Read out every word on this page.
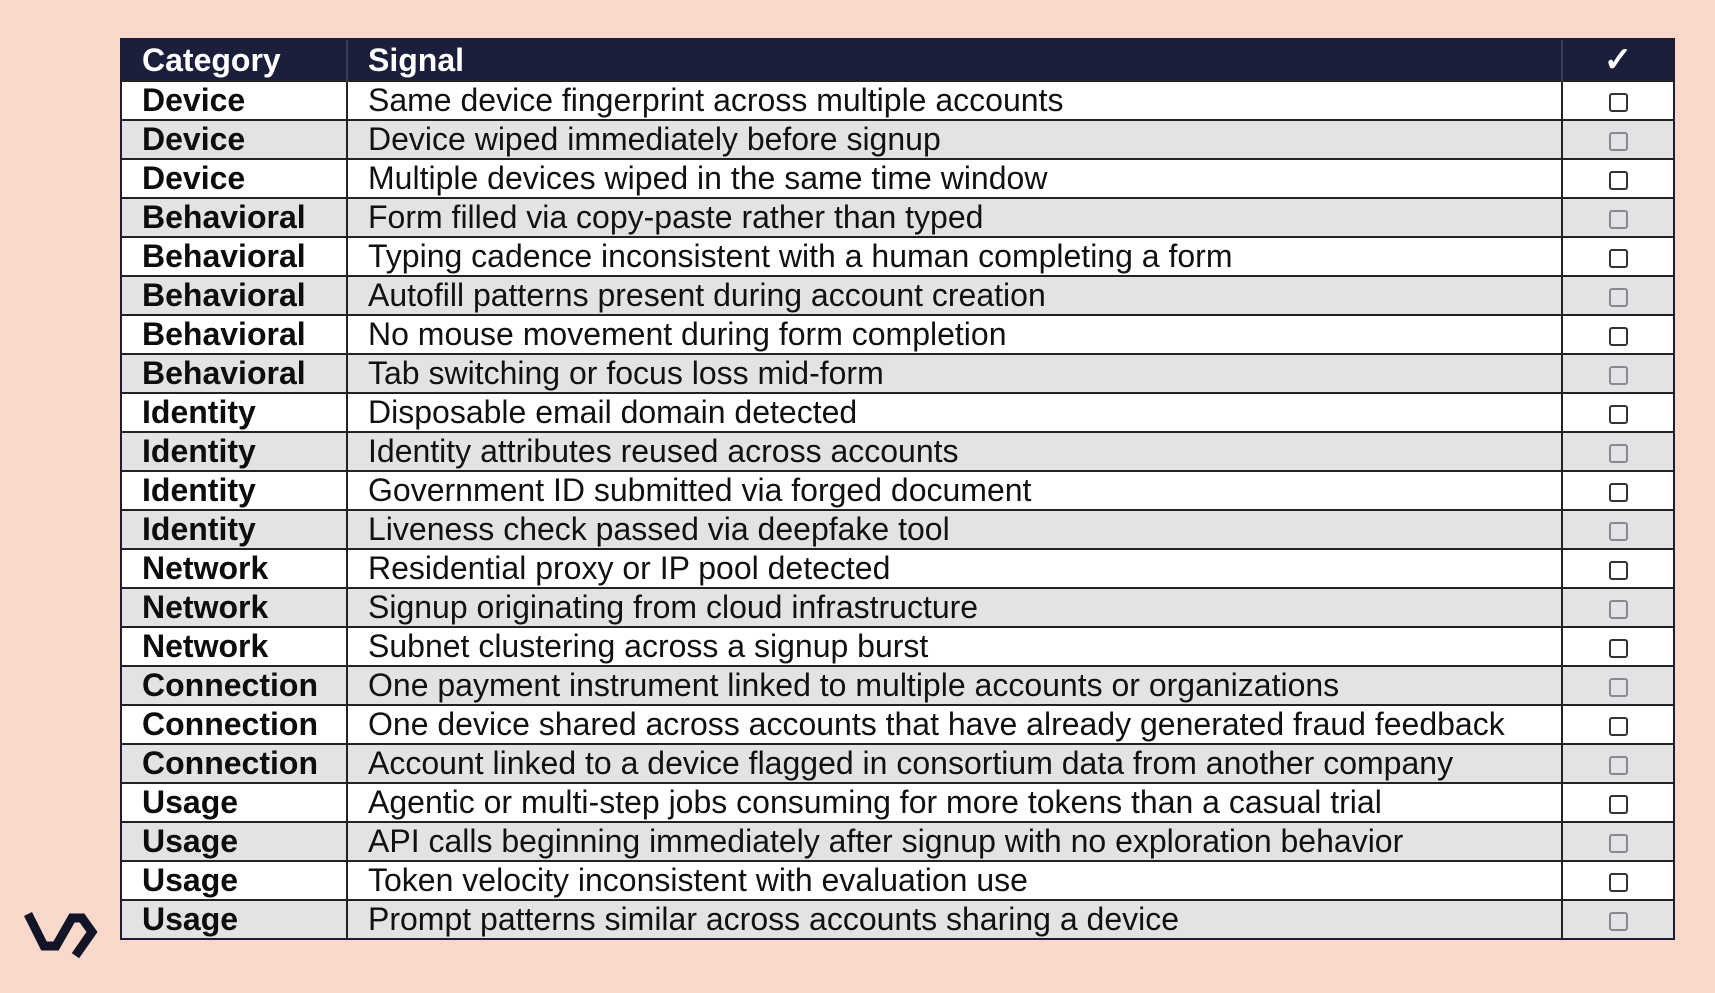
Category	Signal	✓
Device	Same device fingerprint across multiple accounts	
Device	Device wiped immediately before signup	
Device	Multiple devices wiped in the same time window	
Behavioral	Form filled via copy-paste rather than typed	
Behavioral	Typing cadence inconsistent with a human completing a form	
Behavioral	Autofill patterns present during account creation	
Behavioral	No mouse movement during form completion	
Behavioral	Tab switching or focus loss mid-form	
Identity	Disposable email domain detected	
Identity	Identity attributes reused across accounts	
Identity	Government ID submitted via forged document	
Identity	Liveness check passed via deepfake tool	
Network	Residential proxy or IP pool detected	
Network	Signup originating from cloud infrastructure	
Network	Subnet clustering across a signup burst	
Connection	One payment instrument linked to multiple accounts or organizations	
Connection	One device shared across accounts that have already generated fraud feedback	
Connection	Account linked to a device flagged in consortium data from another company	
Usage	Agentic or multi-step jobs consuming for more tokens than a casual trial	
Usage	API calls beginning immediately after signup with no exploration behavior	
Usage	Token velocity inconsistent with evaluation use	
Usage	Prompt patterns similar across accounts sharing a device	
